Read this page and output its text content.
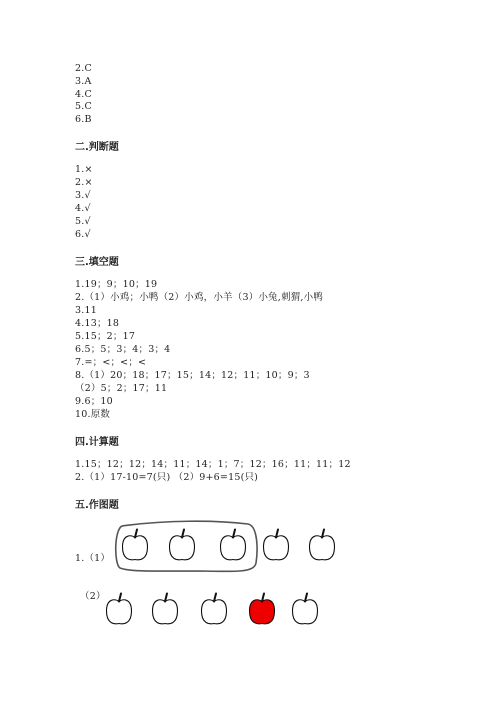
2.C
3.A
4.C
5.C
6.B
二.判断题
1.×
2.×
3.√
4.√
5.√
6.√
三.填空题
1.19；9；10；19
2.（1）小鸡；小鸭（2）小鸡，小羊（3）小兔,刺猬,小鸭
3.11
4.13；18
5.15；2；17
6.5；5；3；4；3；4
7.=；<；<；<
8.（1）20；18；17；15；14；12；11；10；9；3
（2）5；2；17；11
9.6；10
10.原数
四.计算题
1.15；12；12；14；11；14；1；7；12；16；11；11；12
2.（1）17-10=7(只) （2）9+6=15(只)
五.作图题
1.（1）
（2）
